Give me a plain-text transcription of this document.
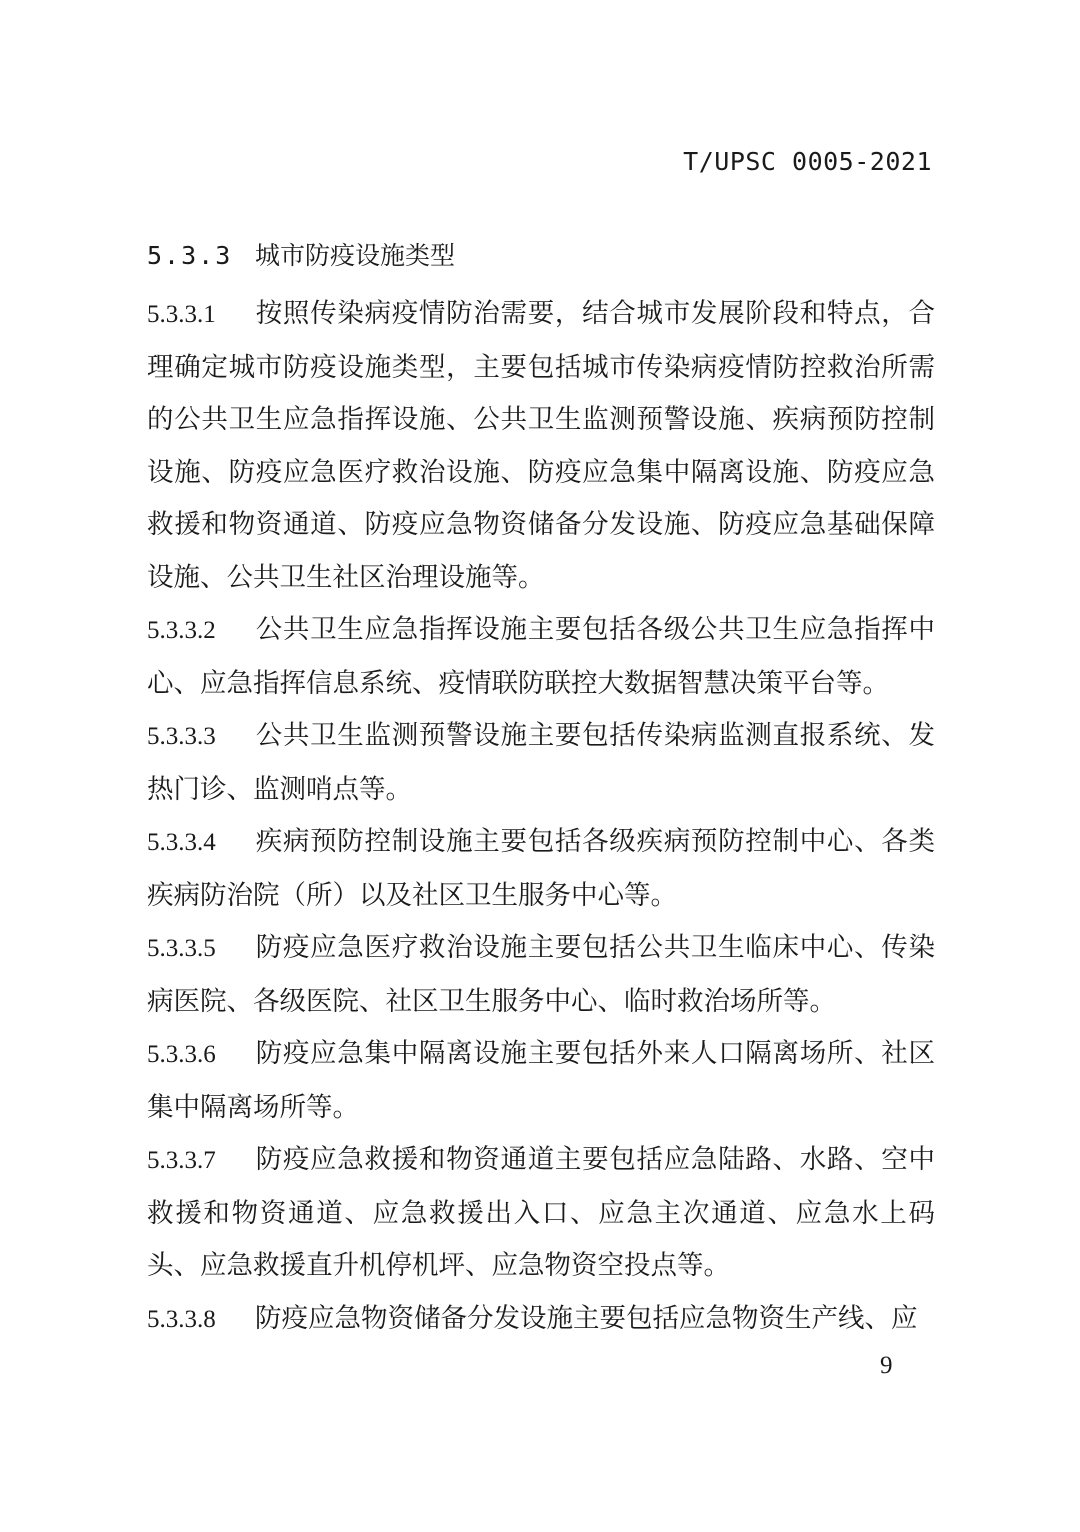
T/UPSC 0005-2021
5.3.3 城市防疫设施类型

5.3.3.1 按照传染病疫情防治需要，结合城市发展阶段和特点，合理确定城市防疫设施类型，主要包括城市传染病疫情防控救治所需的公共卫生应急指挥设施、公共卫生监测预警设施、疾病预防控制设施、防疫应急医疗救治设施、防疫应急集中隔离设施、防疫应急救援和物资通道、防疫应急物资储备分发设施、防疫应急基础保障设施、公共卫生社区治理设施等。

5.3.3.2 公共卫生应急指挥设施主要包括各级公共卫生应急指挥中心、应急指挥信息系统、疫情联防联控大数据智慧决策平台等。

5.3.3.3 公共卫生监测预警设施主要包括传染病监测直报系统、发热门诊、监测哨点等。

5.3.3.4 疾病预防控制设施主要包括各级疾病预防控制中心、各类疾病防治院（所）以及社区卫生服务中心等。

5.3.3.5 防疫应急医疗救治设施主要包括公共卫生临床中心、传染病医院、各级医院、社区卫生服务中心、临时救治场所等。

5.3.3.6 防疫应急集中隔离设施主要包括外来人口隔离场所、社区集中隔离场所等。

5.3.3.7 防疫应急救援和物资通道主要包括应急陆路、水路、空中救援和物资通道、应急救援出入口、应急主次通道、应急水上码头、应急救援直升机停机坪、应急物资空投点等。

5.3.3.8 防疫应急物资储备分发设施主要包括应急物资生产线、应

9
